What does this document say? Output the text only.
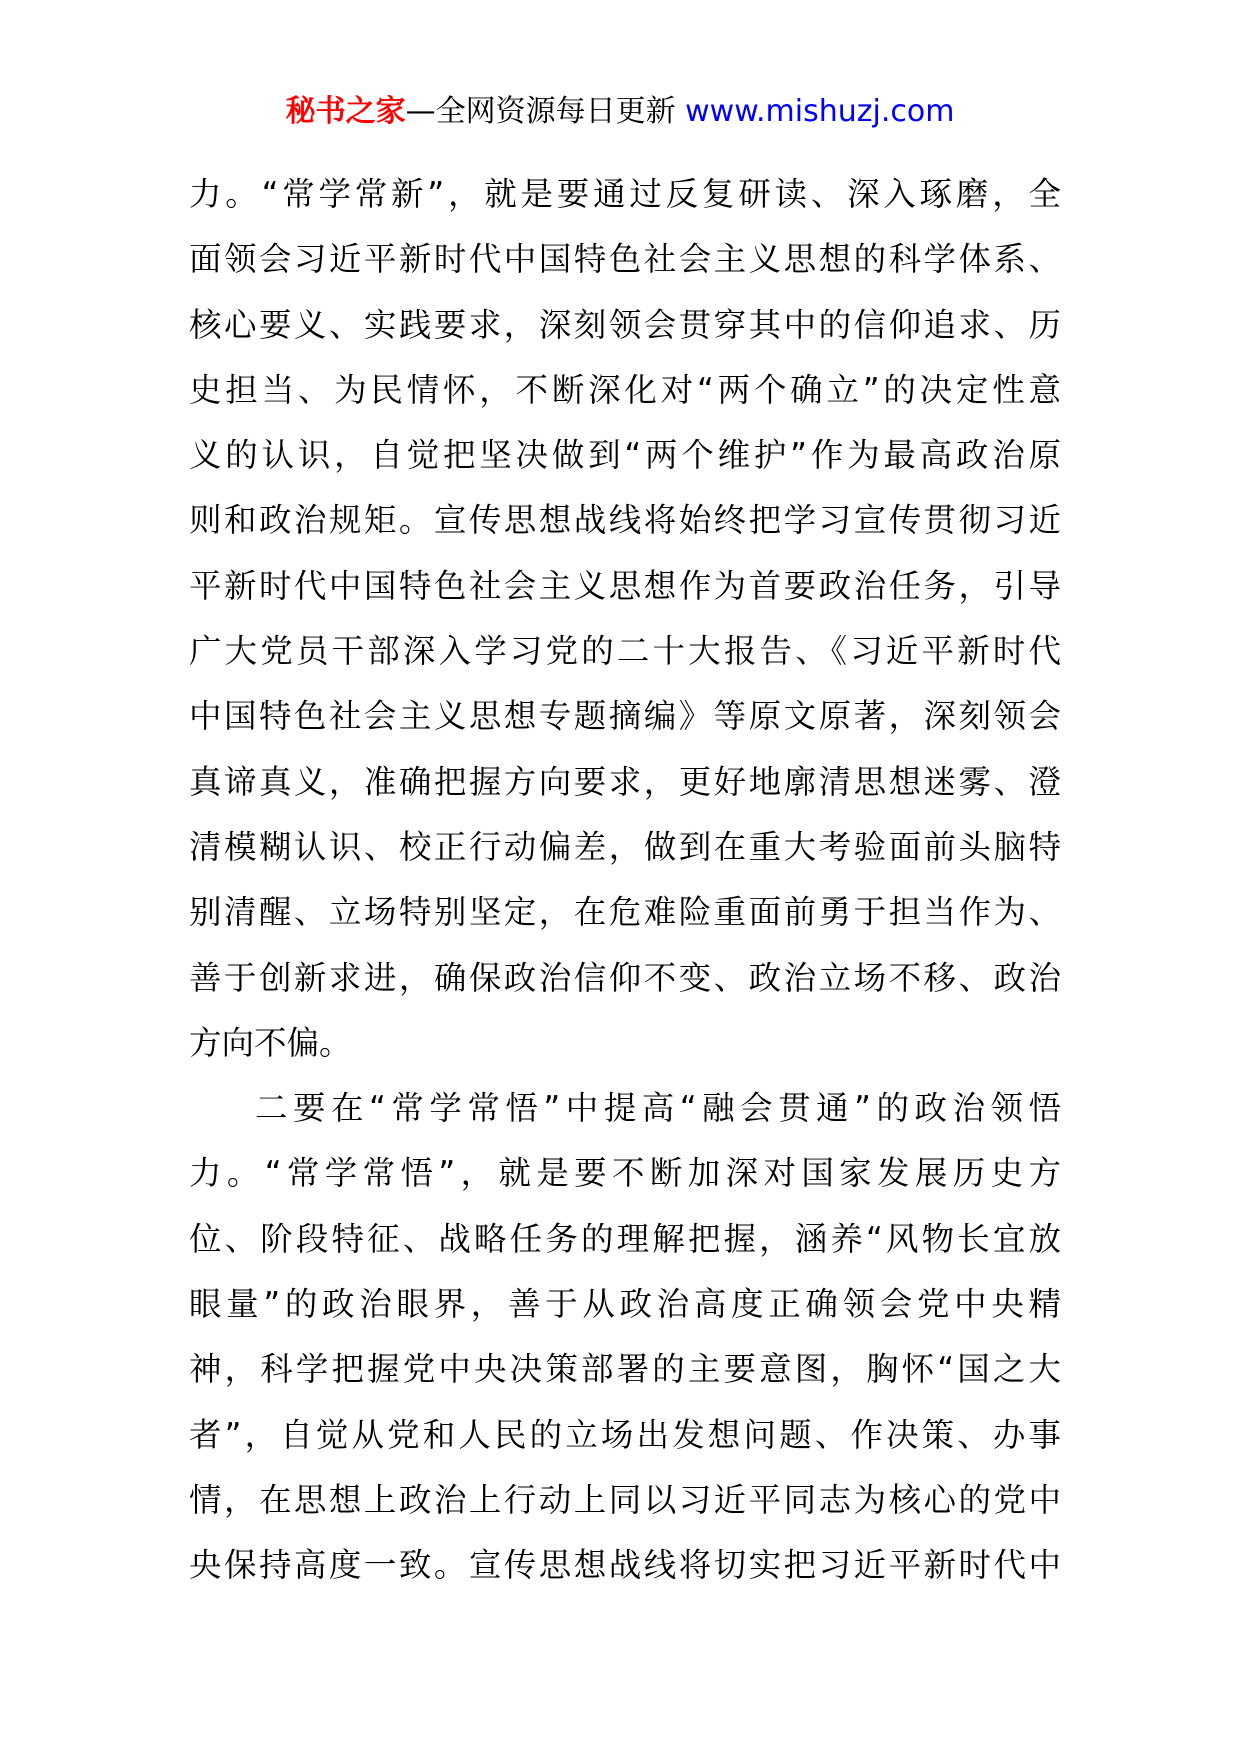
秘书之家—全网资源每日更新 www.mishuzj.com
力。“常学常新”，就是要通过反复研读、深入琢磨，全
面领会习近平新时代中国特色社会主义思想的科学体系、
核心要义、实践要求，深刻领会贯穿其中的信仰追求、历
史担当、为民情怀，不断深化对“两个确立”的决定性意
义的认识，自觉把坚决做到“两个维护”作为最高政治原
则和政治规矩。宣传思想战线将始终把学习宣传贯彻习近
平新时代中国特色社会主义思想作为首要政治任务，引导
广大党员干部深入学习党的二十大报告、《习近平新时代
中国特色社会主义思想专题摘编》等原文原著，深刻领会
真谛真义，准确把握方向要求，更好地廓清思想迷雾、澄
清模糊认识、校正行动偏差，做到在重大考验面前头脑特
别清醒、立场特别坚定，在危难险重面前勇于担当作为、
善于创新求进，确保政治信仰不变、政治立场不移、政治
方向不偏。
二要在“常学常悟”中提高“融会贯通”的政治领悟
力。“常学常悟”，就是要不断加深对国家发展历史方
位、阶段特征、战略任务的理解把握，涵养“风物长宜放
眼量”的政治眼界，善于从政治高度正确领会党中央精
神，科学把握党中央决策部署的主要意图，胸怀“国之大
者”，自觉从党和人民的立场出发想问题、作决策、办事
情，在思想上政治上行动上同以习近平同志为核心的党中
央保持高度一致。宣传思想战线将切实把习近平新时代中
